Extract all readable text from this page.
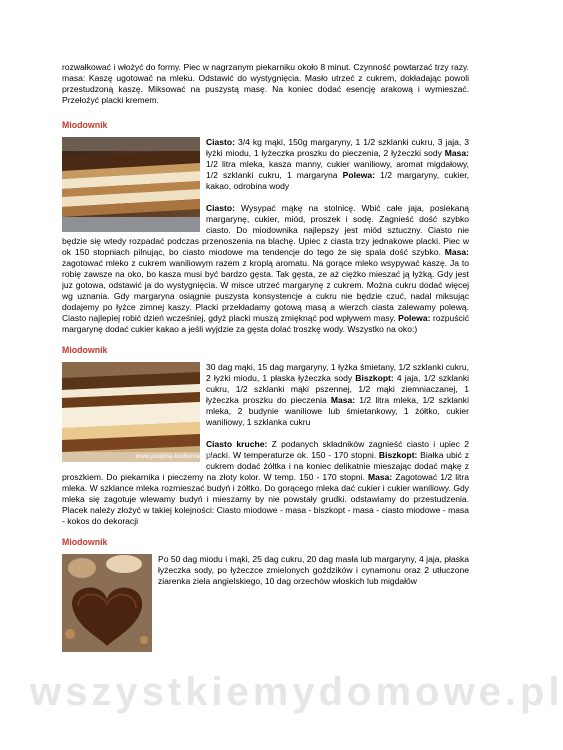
rozwałkować i włożyć do formy. Piec w nagrzanym piekarniku około 8 minut. Czynność powtarzać trzy razy. masa: Kaszę ugotować na mleku. Odstawić do wystygnięcia. Masło utrzeć z cukrem, dokładając powoli przestudzoną kaszę. Miksować na puszystą masę. Na koniec dodać esencję arakową i wymieszać. Przełożyć placki kremem.

Miodownik

Ciasto: 3/4 kg mąki, 150g margaryny, 1 1/2 szklanki cukru, 3 jaja, 3 łyżki miodu, 1 łyżeczka proszku do pieczenia, 2 łyżeczki sody Masa: 1/2 litra mleka, kasza manny, cukier waniliowy, aromat migdałowy, 1/2 szklanki cukru, 1 margaryna Polewa: 1/2 margaryny, cukier, kakao, odrobina wody

Ciasto: Wysypać mąkę na stolnicę. Wbić całe jaja, posiekaną margarynę, cukier, miód, proszek i sodę. Zagnieść dość szybko ciasto. Do miodownika najlepszy jest miód sztuczny. Ciasto nie będzie się wtedy rozpadać podczas przenoszenia na blachę. Upiec z ciasta trzy jednakowe placki. Piec w ok 150 stopniach pilnując, bo ciasto miodowe ma tendencje do tego że się spala dość szybko. Masa: zagotować mleko z cukrem waniliowym razem z kroplą aromatu. Na gorące mleko wsypywać kaszę. Ja to robię zawsze na oko, bo kasza musi być bardzo gęsta. Tak gęsta, ze aż ciężko mieszać ją łyżką. Gdy jest juz gotowa, odstawić ja do wystygnięcia. W misce utrzeć margarynę z cukrem. Można cukru dodać więcej wg uznania. Gdy margaryna osiągnie puszysta konsystencje a cukru nie będzie czuć, nadal miksując dodajemy po łyżce zimnej kaszy. Placki przekładamy gotową masą a wierzch ciasta zalewamy polewą. Ciasto najlepiej robić dzień wcześniej, gdyż placki muszą zmięknąć pod wpływem masy. Polewa: rozpuścić margarynę dodać cukier kakao a jeśli wyjdzie za gęsta dolać troszkę wody. Wszystko na oko:)

Miodownik
www.przepisy-kuchenne.info

30 dag mąki, 15 dag margaryny, 1 łyżka śmietany, 1/2 szklanki cukru, 2 łyżki miodu, 1 płaska łyżeczka sody Biszkopt: 4 jaja, 1/2 szklanki cukru, 1/2 szklanki mąki pszennej, 1/2 mąki ziemniaczanej, 1 łyżeczka proszku do pieczenia Masa: 1/2 litra mleka, 1/2 szklanki mleka, 2 budynie waniliowe lub śmietankowy, 1 żółtko, cukier waniliowy, 1 szklanka cukru

Ciasto kruche: Z podanych składników zagnieść ciasto i upiec 2 placki. W temperaturze ok. 150 - 170 stopni. Biszkopt: Białka ubić z cukrem dodać żółtka i na koniec delikatnie mieszając dodać mąkę z proszkiem. Do piekarnika i pieczemy na złoty kolor. W temp. 150 - 170 stopni. Masa: Zagotować 1/2 litra mleka. W szklance mleka rozmieszać budyń i żółtko. Do gorącego mleka dać cukier i cukier waniliowy. Gdy mleka się zagotuje wlewamy budyń i mieszamy by nie powstały grudki. odstawiamy do przestudzenia. Placek należy złożyć w takiej kolejności: Ciasto miodowe - masa - biszkopt - masa - ciasto miodowe - masa - kokos do dekoracji

Miodownik

Po 50 dag miodu i mąki, 25 dag cukru, 20 dag masła lub margaryny, 4 jaja, płaska łyżeczka sody, po łyżeczce zmielonych goździków i cynamonu oraz 2 utłuczone ziarenka ziela angielskiego, 10 dag orzechów włoskich lub migdałów

wszystkiemydomowe.pl
